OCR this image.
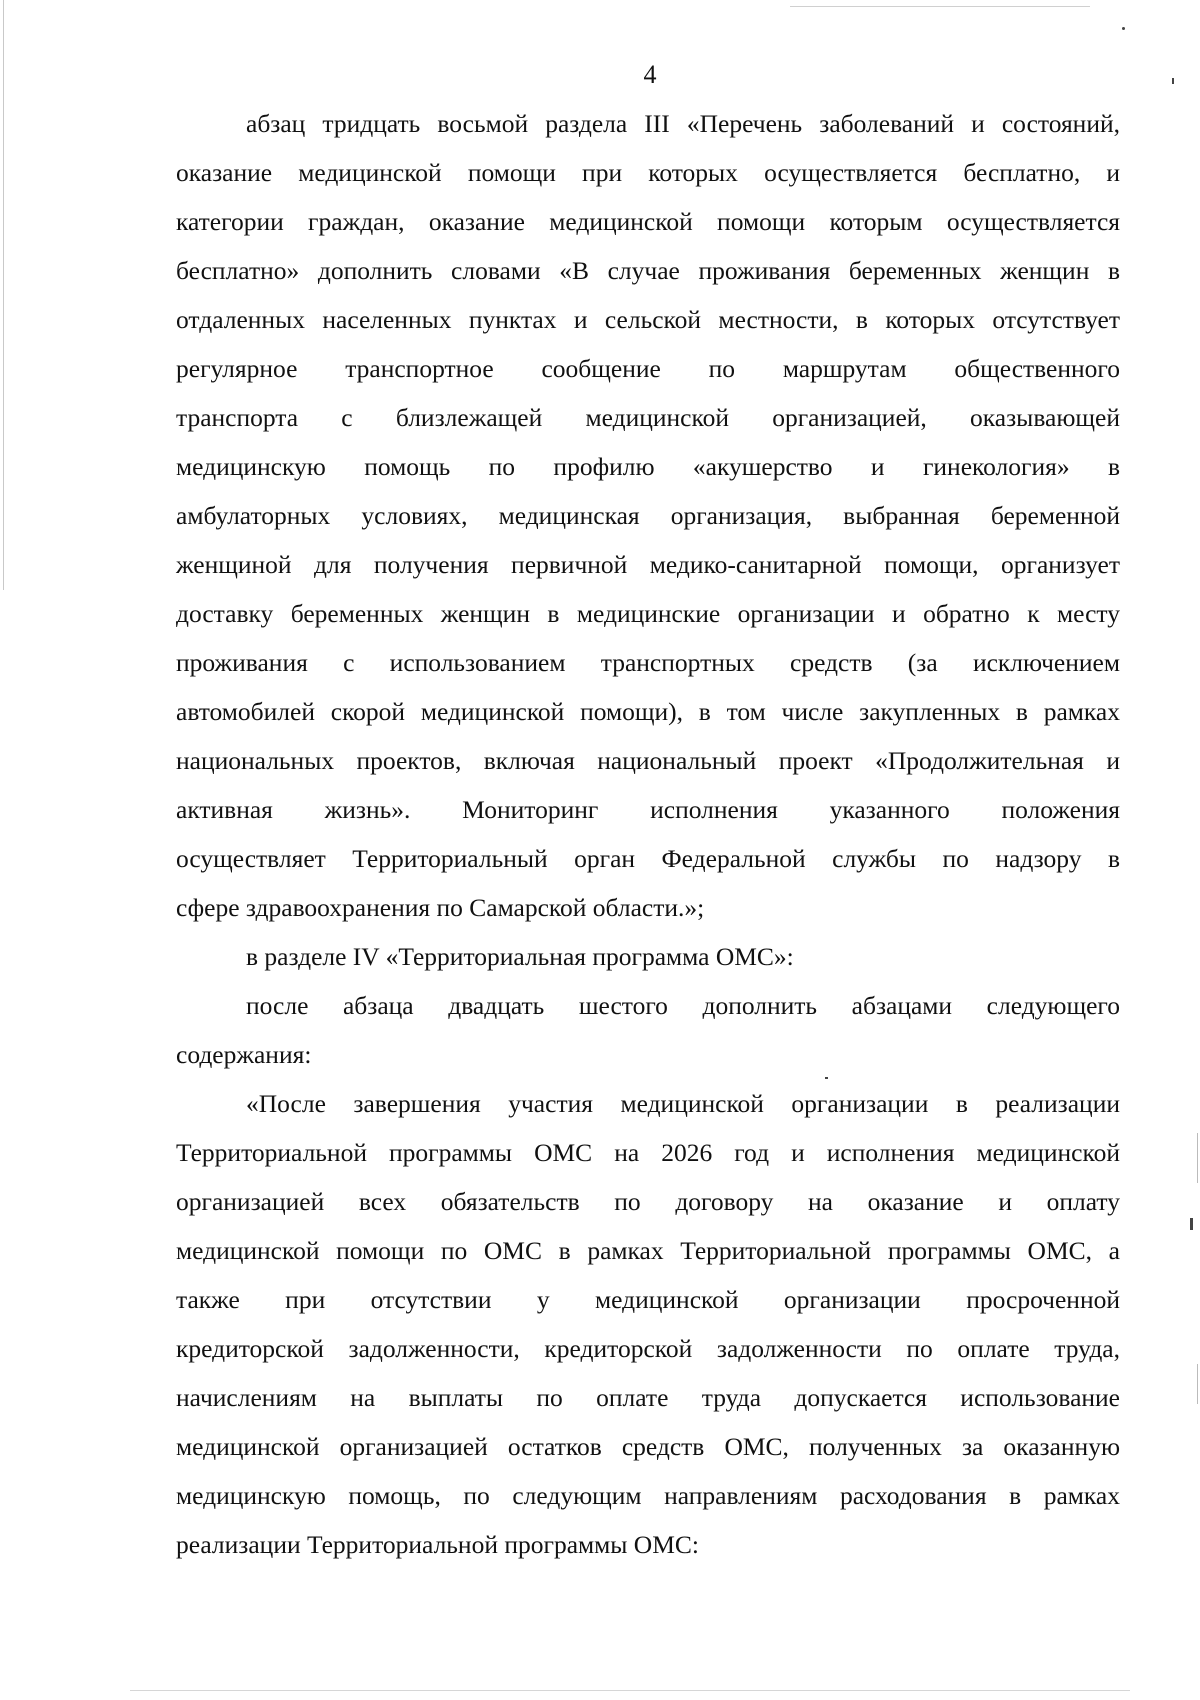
4
абзац тридцать восьмой раздела III «Перечень заболеваний и состояний,
оказание медицинской помощи при которых осуществляется бесплатно, и
категории граждан, оказание медицинской помощи которым осуществляется
бесплатно» дополнить словами «В случае проживания беременных женщин в
отдаленных населенных пунктах и сельской местности, в которых отсутствует
регулярное транспортное сообщение по маршрутам общественного
транспорта с близлежащей медицинской организацией, оказывающей
медицинскую помощь по профилю «акушерство и гинекология» в
амбулаторных условиях, медицинская организация, выбранная беременной
женщиной для получения первичной медико-санитарной помощи, организует
доставку беременных женщин в медицинские организации и обратно к месту
проживания с использованием транспортных средств (за исключением
автомобилей скорой медицинской помощи), в том числе закупленных в рамках
национальных проектов, включая национальный проект «Продолжительная и
активная жизнь». Мониторинг исполнения указанного положения
осуществляет Территориальный орган Федеральной службы по надзору в
сфере здравоохранения по Самарской области.»;
в разделе IV «Территориальная программа ОМС»:
после абзаца двадцать шестого дополнить абзацами следующего
содержания:
«После завершения участия медицинской организации в реализации
Территориальной программы ОМС на 2026 год и исполнения медицинской
организацией всех обязательств по договору на оказание и оплату
медицинской помощи по ОМС в рамках Территориальной программы ОМС, а
также при отсутствии у медицинской организации просроченной
кредиторской задолженности, кредиторской задолженности по оплате труда,
начислениям на выплаты по оплате труда допускается использование
медицинской организацией остатков средств ОМС, полученных за оказанную
медицинскую помощь, по следующим направлениям расходования в рамках
реализации Территориальной программы ОМС:
